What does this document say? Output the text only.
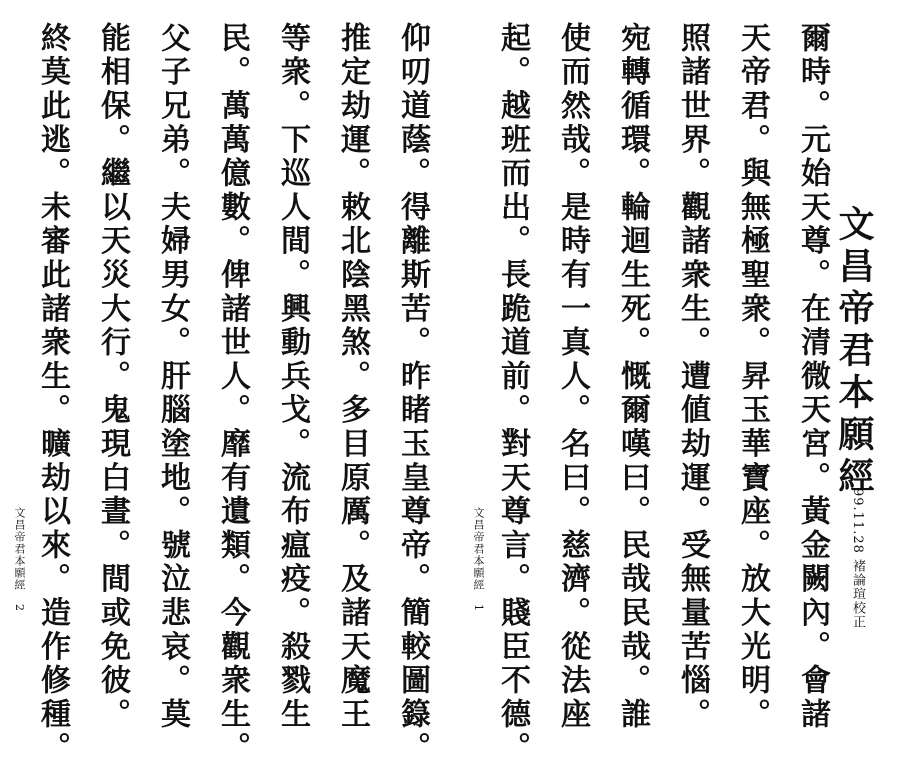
文昌帝君本願經
99.11.28 褚論瑄校正
爾時。元始天尊。在清微天宮。黃金闕內。會諸
天帝君。與無極聖衆。昇玉華寶座。放大光明。
照諸世界。觀諸衆生。遭値劫運。受無量苦惱。
宛轉循環。輪迴生死。慨爾嘆曰。民哉民哉。誰
使而然哉。是時有一真人。名曰。慈濟。從法座
起。越班而出。長跪道前。對天尊言。賤臣不德。
文昌帝君本願經 1
仰叨道蔭。得離斯苦。昨睹玉皇尊帝。簡較圖籙。
推定劫運。敕北陰黑煞。多目原厲。及諸天魔王
等衆。下巡人間。興動兵戈。流布瘟疫。殺戮生
民。萬萬億數。俾諸世人。靡有遺類。今觀衆生。
父子兄弟。夫婦男女。肝腦塗地。號泣悲哀。莫
能相保。繼以天災大行。鬼現白晝。間或免彼。
終莫此逃。未審此諸衆生。曠劫以來。造作修種。
文昌帝君本願經 2
